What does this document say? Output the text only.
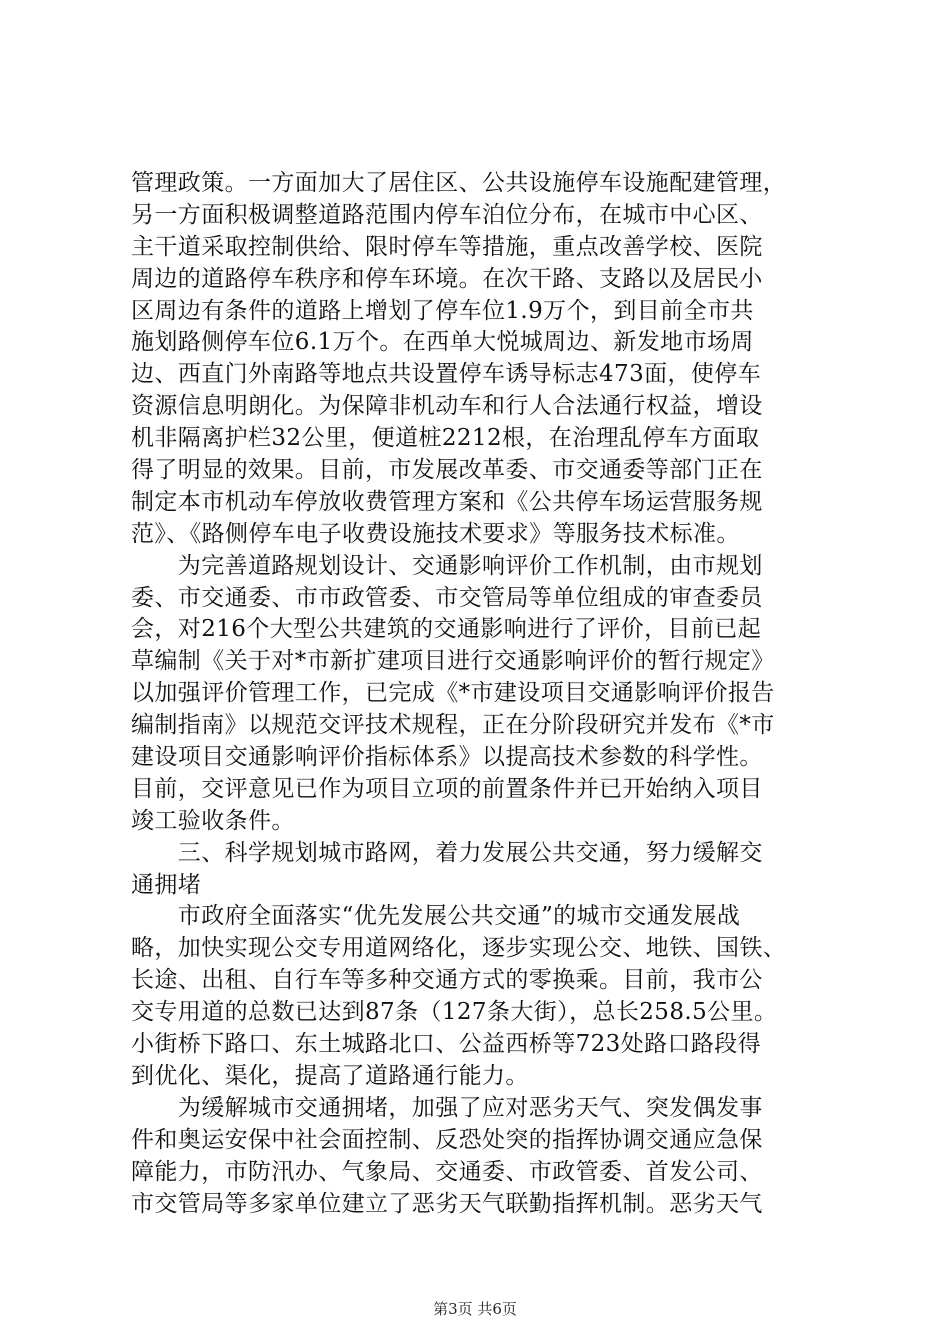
管理政策。一方面加大了居住区、公共设施停车设施配建管理，
另一方面积极调整道路范围内停车泊位分布，在城市中心区、
主干道采取控制供给、限时停车等措施，重点改善学校、医院
周边的道路停车秩序和停车环境。在次干路、支路以及居民小
区周边有条件的道路上增划了停车位1.9万个，到目前全市共
施划路侧停车位6.1万个。在西单大悦城周边、新发地市场周
边、西直门外南路等地点共设置停车诱导标志473面，使停车
资源信息明朗化。为保障非机动车和行人合法通行权益，增设
机非隔离护栏32公里，便道桩2212根，在治理乱停车方面取
得了明显的效果。目前，市发展改革委、市交通委等部门正在
制定本市机动车停放收费管理方案和《公共停车场运营服务规
范》、《路侧停车电子收费设施技术要求》等服务技术标准。
　　为完善道路规划设计、交通影响评价工作机制，由市规划
委、市交通委、市市政管委、市交管局等单位组成的审查委员
会，对216个大型公共建筑的交通影响进行了评价，目前已起
草编制《关于对*市新扩建项目进行交通影响评价的暂行规定》
以加强评价管理工作，已完成《*市建设项目交通影响评价报告
编制指南》以规范交评技术规程，正在分阶段研究并发布《*市
建设项目交通影响评价指标体系》以提高技术参数的科学性。
目前，交评意见已作为项目立项的前置条件并已开始纳入项目
竣工验收条件。
　　三、科学规划城市路网，着力发展公共交通，努力缓解交
通拥堵
　　市政府全面落实“优先发展公共交通”的城市交通发展战
略，加快实现公交专用道网络化，逐步实现公交、地铁、国铁、
长途、出租、自行车等多种交通方式的零换乘。目前，我市公
交专用道的总数已达到87条（127条大街），总长258.5公里。
小街桥下路口、东土城路北口、公益西桥等723处路口路段得
到优化、渠化，提高了道路通行能力。
　　为缓解城市交通拥堵，加强了应对恶劣天气、突发偶发事
件和奥运安保中社会面控制、反恐处突的指挥协调交通应急保
障能力，市防汛办、气象局、交通委、市政管委、首发公司、
市交管局等多家单位建立了恶劣天气联勤指挥机制。恶劣天气
第3页 共6页
